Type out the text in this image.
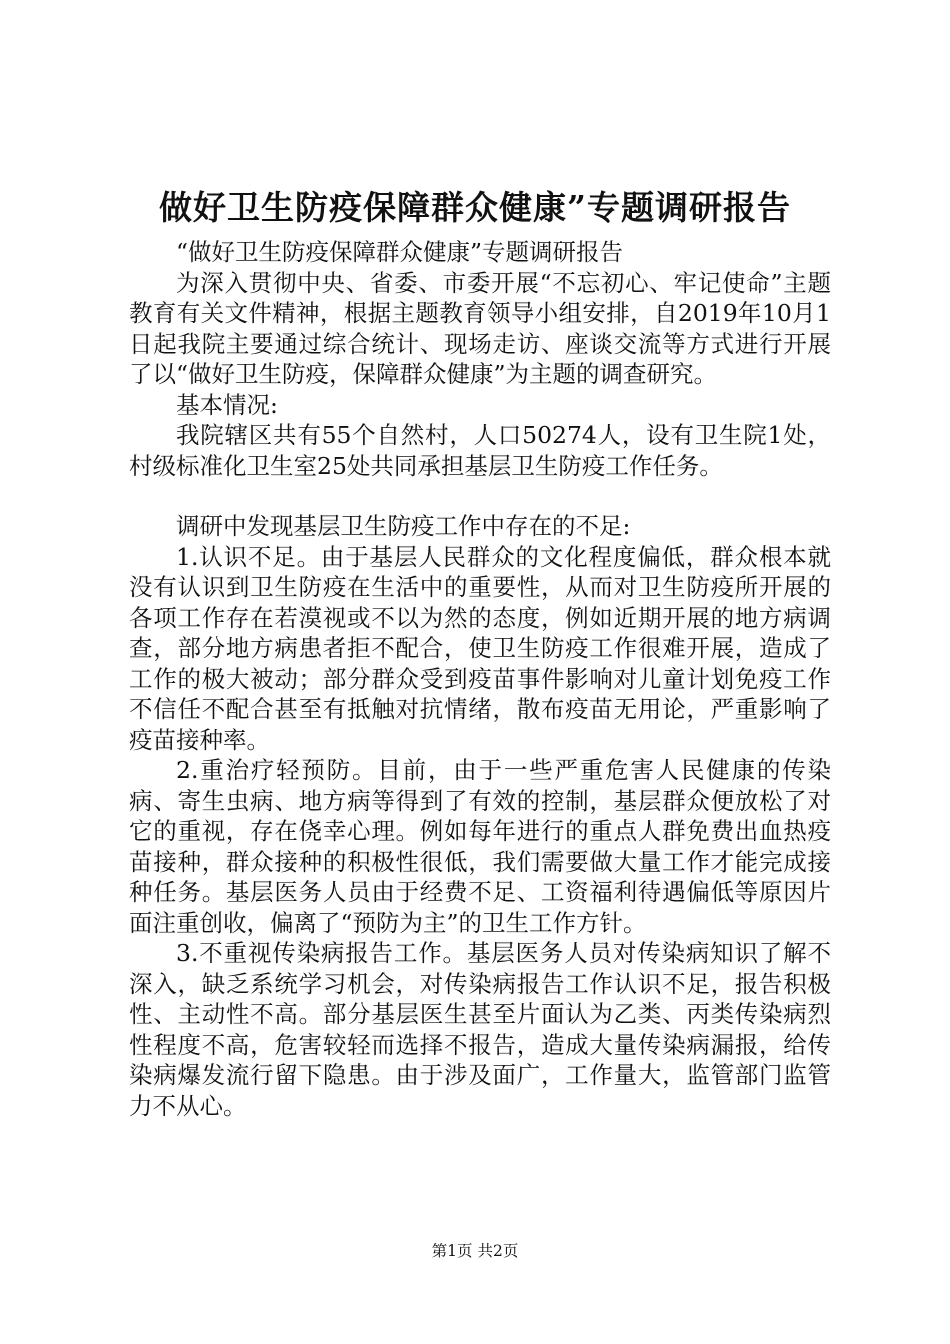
做好卫生防疫保障群众健康”专题调研报告

“做好卫生防疫保障群众健康”专题调研报告

为深入贯彻中央、省委、市委开展“不忘初心、牢记使命”主题教育有关文件精神，根据主题教育领导小组安排，自2019年10月1日起我院主要通过综合统计、现场走访、座谈交流等方式进行开展了以“做好卫生防疫，保障群众健康”为主题的调查研究。

基本情况:

我院辖区共有55个自然村，人口50274人，设有卫生院1处，村级标准化卫生室25处共同承担基层卫生防疫工作任务。

调研中发现基层卫生防疫工作中存在的不足:

1.认识不足。由于基层人民群众的文化程度偏低，群众根本就没有认识到卫生防疫在生活中的重要性，从而对卫生防疫所开展的各项工作存在若漠视或不以为然的态度，例如近期开展的地方病调查，部分地方病患者拒不配合，使卫生防疫工作很难开展，造成了工作的极大被动；部分群众受到疫苗事件影响对儿童计划免疫工作不信任不配合甚至有抵触对抗情绪，散布疫苗无用论，严重影响了疫苗接种率。

2.重治疗轻预防。目前，由于一些严重危害人民健康的传染病、寄生虫病、地方病等得到了有效的控制，基层群众便放松了对它的重视，存在侥幸心理。例如每年进行的重点人群免费出血热疫苗接种，群众接种的积极性很低，我们需要做大量工作才能完成接种任务。基层医务人员由于经费不足、工资福利待遇偏低等原因片面注重创收，偏离了“预防为主”的卫生工作方针。

3.不重视传染病报告工作。基层医务人员对传染病知识了解不深入，缺乏系统学习机会，对传染病报告工作认识不足，报告积极性、主动性不高。部分基层医生甚至片面认为乙类、丙类传染病烈性程度不高，危害较轻而选择不报告，造成大量传染病漏报，给传染病爆发流行留下隐患。由于涉及面广，工作量大，监管部门监管力不从心。

第1页 共2页
